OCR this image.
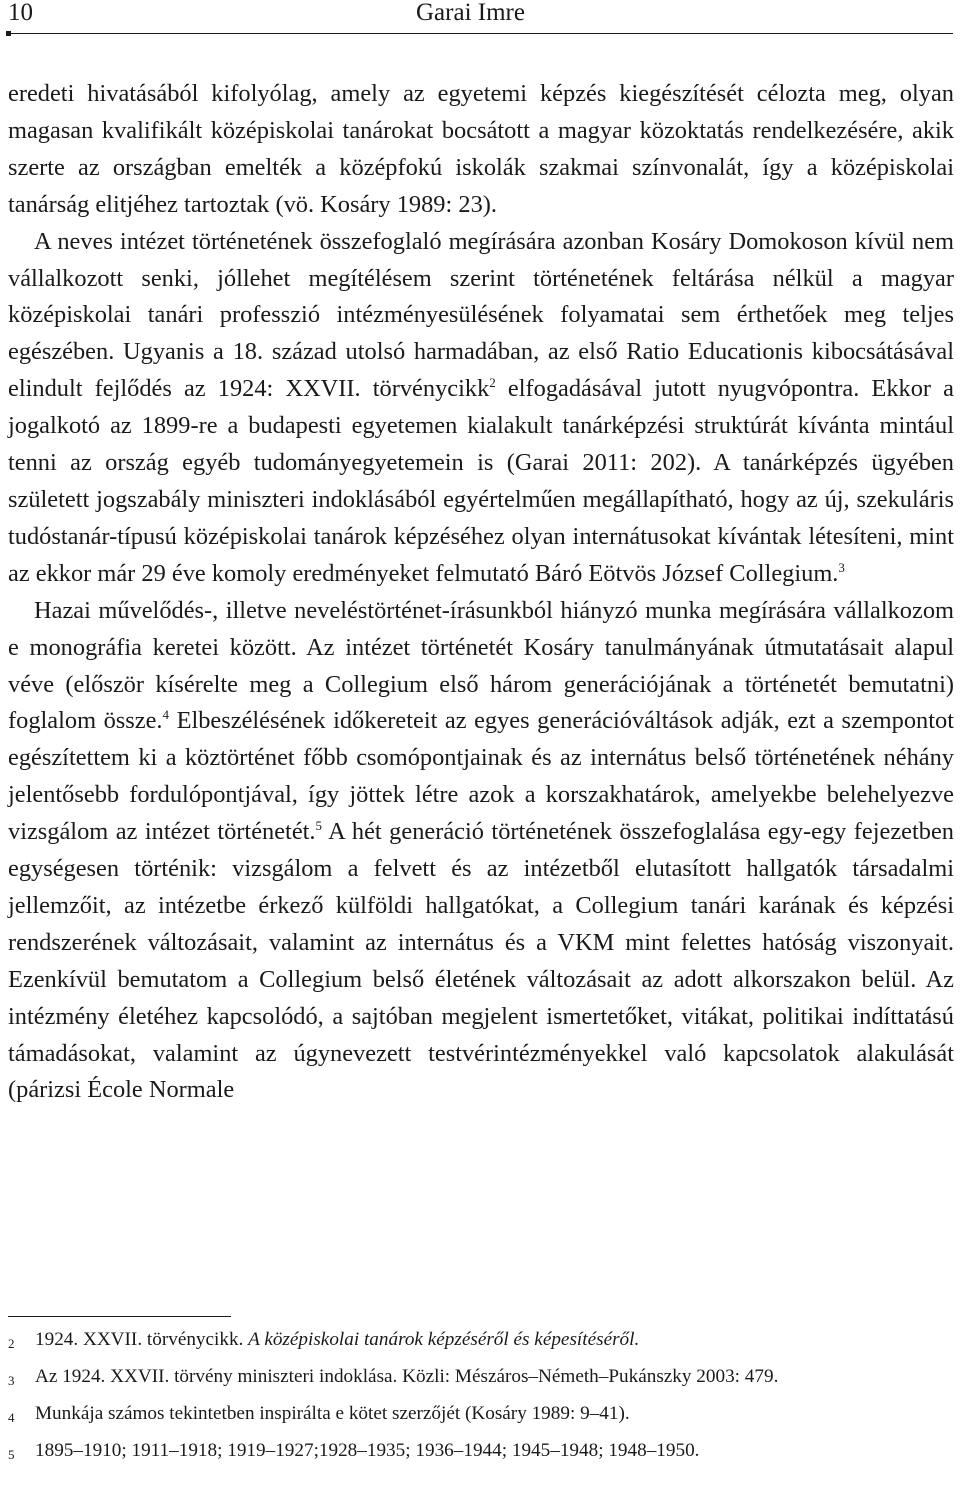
10	Garai Imre

eredeti hivatásából kifolyólag, amely az egyetemi képzés kiegészítését célozta meg, olyan magasan kvalifikált középiskolai tanárokat bocsátott a magyar közoktatás rendelkezésére, akik szerte az országban emelték a középfokú iskolák szakmai színvonalát, így a középiskolai tanárság elitjéhez tartoztak (vö. Kosáry 1989: 23).

A neves intézet történetének összefoglaló megírására azonban Kosáry Domokoson kívül nem vállalkozott senki, jóllehet megítélésem szerint történetének feltárása nélkül a magyar középiskolai tanári professzió intézményesülésének folyamatai sem érthetőek meg teljes egészében. Ugyanis a 18. század utolsó harmadában, az első Ratio Educationis kibocsátásával elindult fejlődés az 1924: XXVII. törvénycikk$^2$ elfogadásával jutott nyugvópontra. Ekkor a jogalkotó az 1899-re a budapesti egyetemen kialakult tanárképzési struktúrát kívánta mintául tenni az ország egyéb tudományegyetemein is (Garai 2011: 202). A tanárképzés ügyében született jogszabály miniszteri indoklásából egyértelműen megállapítható, hogy az új, szekuláris tudóstanár-típusú középiskolai tanárok képzéséhez olyan internátusokat kívántak létesíteni, mint az ekkor már 29 éve komoly eredményeket felmutató Báró Eötvös József Collegium.$^3$

Hazai művelődés-, illetve neveléstörténet-írásunkból hiányzó munka megírására vállalkozom e monográfia keretei között. Az intézet történetét Kosáry tanulmányának útmutatásait alapul véve (először kísérelte meg a Collegium első három generációjának a történetét bemutatni) foglalom össze.$^4$ Elbeszélésének időkereteit az egyes generációváltások adják, ezt a szempontot egészítettem ki a köztörténet főbb csomópontjainak és az internátus belső történetének néhány jelentősebb fordulópontjával, így jöttek létre azok a korszakhatárok, amelyekbe belehelyezve vizsgálom az intézet történetét.$^5$ A hét generáció történetének összefoglalása egy-egy fejezetben egységesen történik: vizsgálom a felvett és az intézetből elutasított hallgatók társadalmi jellemzőit, az intézetbe érkező külföldi hallgatókat, a Collegium tanári karának és képzési rendszerének változásait, valamint az internátus és a VKM mint felettes hatóság viszonyait. Ezenkívül bemutatom a Collegium belső életének változásait az adott alkorszakon belül. Az intézmény életéhez kapcsolódó, a sajtóban megjelent ismertetőket, vitákat, politikai indíttatású támadásokat, valamint az úgynevezett testvérintézményekkel való kapcsolatok alakulását (párizsi École Normale

2 1924. XXVII. törvénycikk. A középiskolai tanárok képzéséről és képesítéséről.
3 Az 1924. XXVII. törvény miniszteri indoklása. Közli: Mészáros–Németh–Pukánszky 2003: 479.
4 Munkája számos tekintetben inspirálta e kötet szerzőjét (Kosáry 1989: 9–41).
5 1895–1910; 1911–1918; 1919–1927;1928–1935; 1936–1944; 1945–1948; 1948–1950.
